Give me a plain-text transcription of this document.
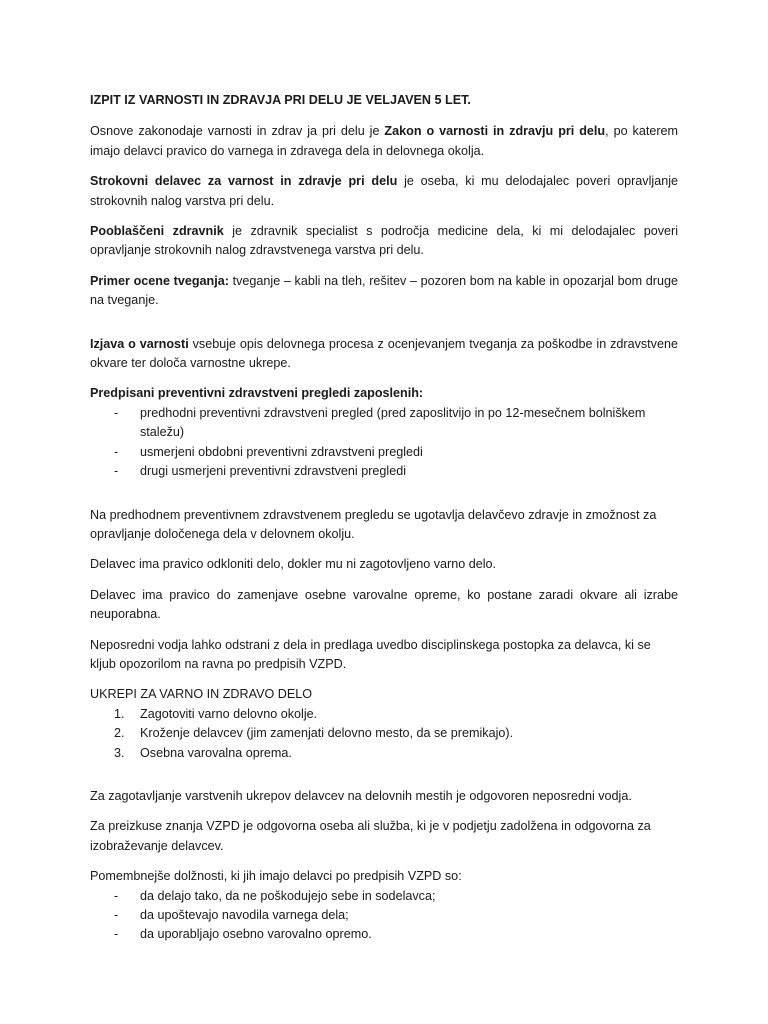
IZPIT IZ VARNOSTI IN ZDRAVJA PRI DELU JE VELJAVEN 5 LET.

Osnove zakonodaje varnosti in zdrav ja pri delu je Zakon o varnosti in zdravju pri delu, po katerem imajo delavci pravico do varnega in zdravega dela in delovnega okolja.

Strokovni delavec za varnost in zdravje pri delu je oseba, ki mu delodajalec poveri opravljanje strokovnih nalog varstva pri delu.

Pooblaščeni zdravnik je zdravnik specialist s področja medicine dela, ki mi delodajalec poveri opravljanje strokovnih nalog zdravstvenega varstva pri delu.

Primer ocene tveganja: tveganje – kabli na tleh, rešitev – pozoren bom na kable in opozarjal bom druge na tveganje.

Izjava o varnosti vsebuje opis delovnega procesa z ocenjevanjem tveganja za poškodbe in zdravstvene okvare ter določa varnostne ukrepe.

Predpisani preventivni zdravstveni pregledi zaposlenih:

- predhodni preventivni zdravstveni pregled (pred zaposlitvijo in po 12-mesečnem bolniškem staležu)
- usmerjeni obdobni preventivni zdravstveni pregledi
- drugi usmerjeni preventivni zdravstveni pregledi

Na predhodnem preventivnem zdravstvenem pregledu se ugotavlja delavčevo zdravje in zmožnost za opravljanje določenega dela v delovnem okolju.

Delavec ima pravico odkloniti delo, dokler mu ni zagotovljeno varno delo.

Delavec ima pravico do zamenjave osebne varovalne opreme, ko postane zaradi okvare ali izrabe neuporabna.

Neposredni vodja lahko odstrani z dela in predlaga uvedbo disciplinskega postopka za delavca, ki se kljub opozorilom na ravna po predpisih VZPD.

UKREPI ZA VARNO IN ZDRAVO DELO

1. Zagotoviti varno delovno okolje.
2. Kroženje delavcev (jim zamenjati delovno mesto, da se premikajo).
3. Osebna varovalna oprema.

Za zagotavljanje varstvenih ukrepov delavcev na delovnih mestih je odgovoren neposredni vodja.

Za preizkuse znanja VZPD je odgovorna oseba ali služba, ki je v podjetju zadolžena in odgovorna za izobraževanje delavcev.

Pomembnejše dolžnosti, ki jih imajo delavci po predpisih VZPD so:

- da delajo tako, da ne poškodujejo sebe in sodelavca;
- da upoštevajo navodila varnega dela;
- da uporabljajo osebno varovalno opremo.
